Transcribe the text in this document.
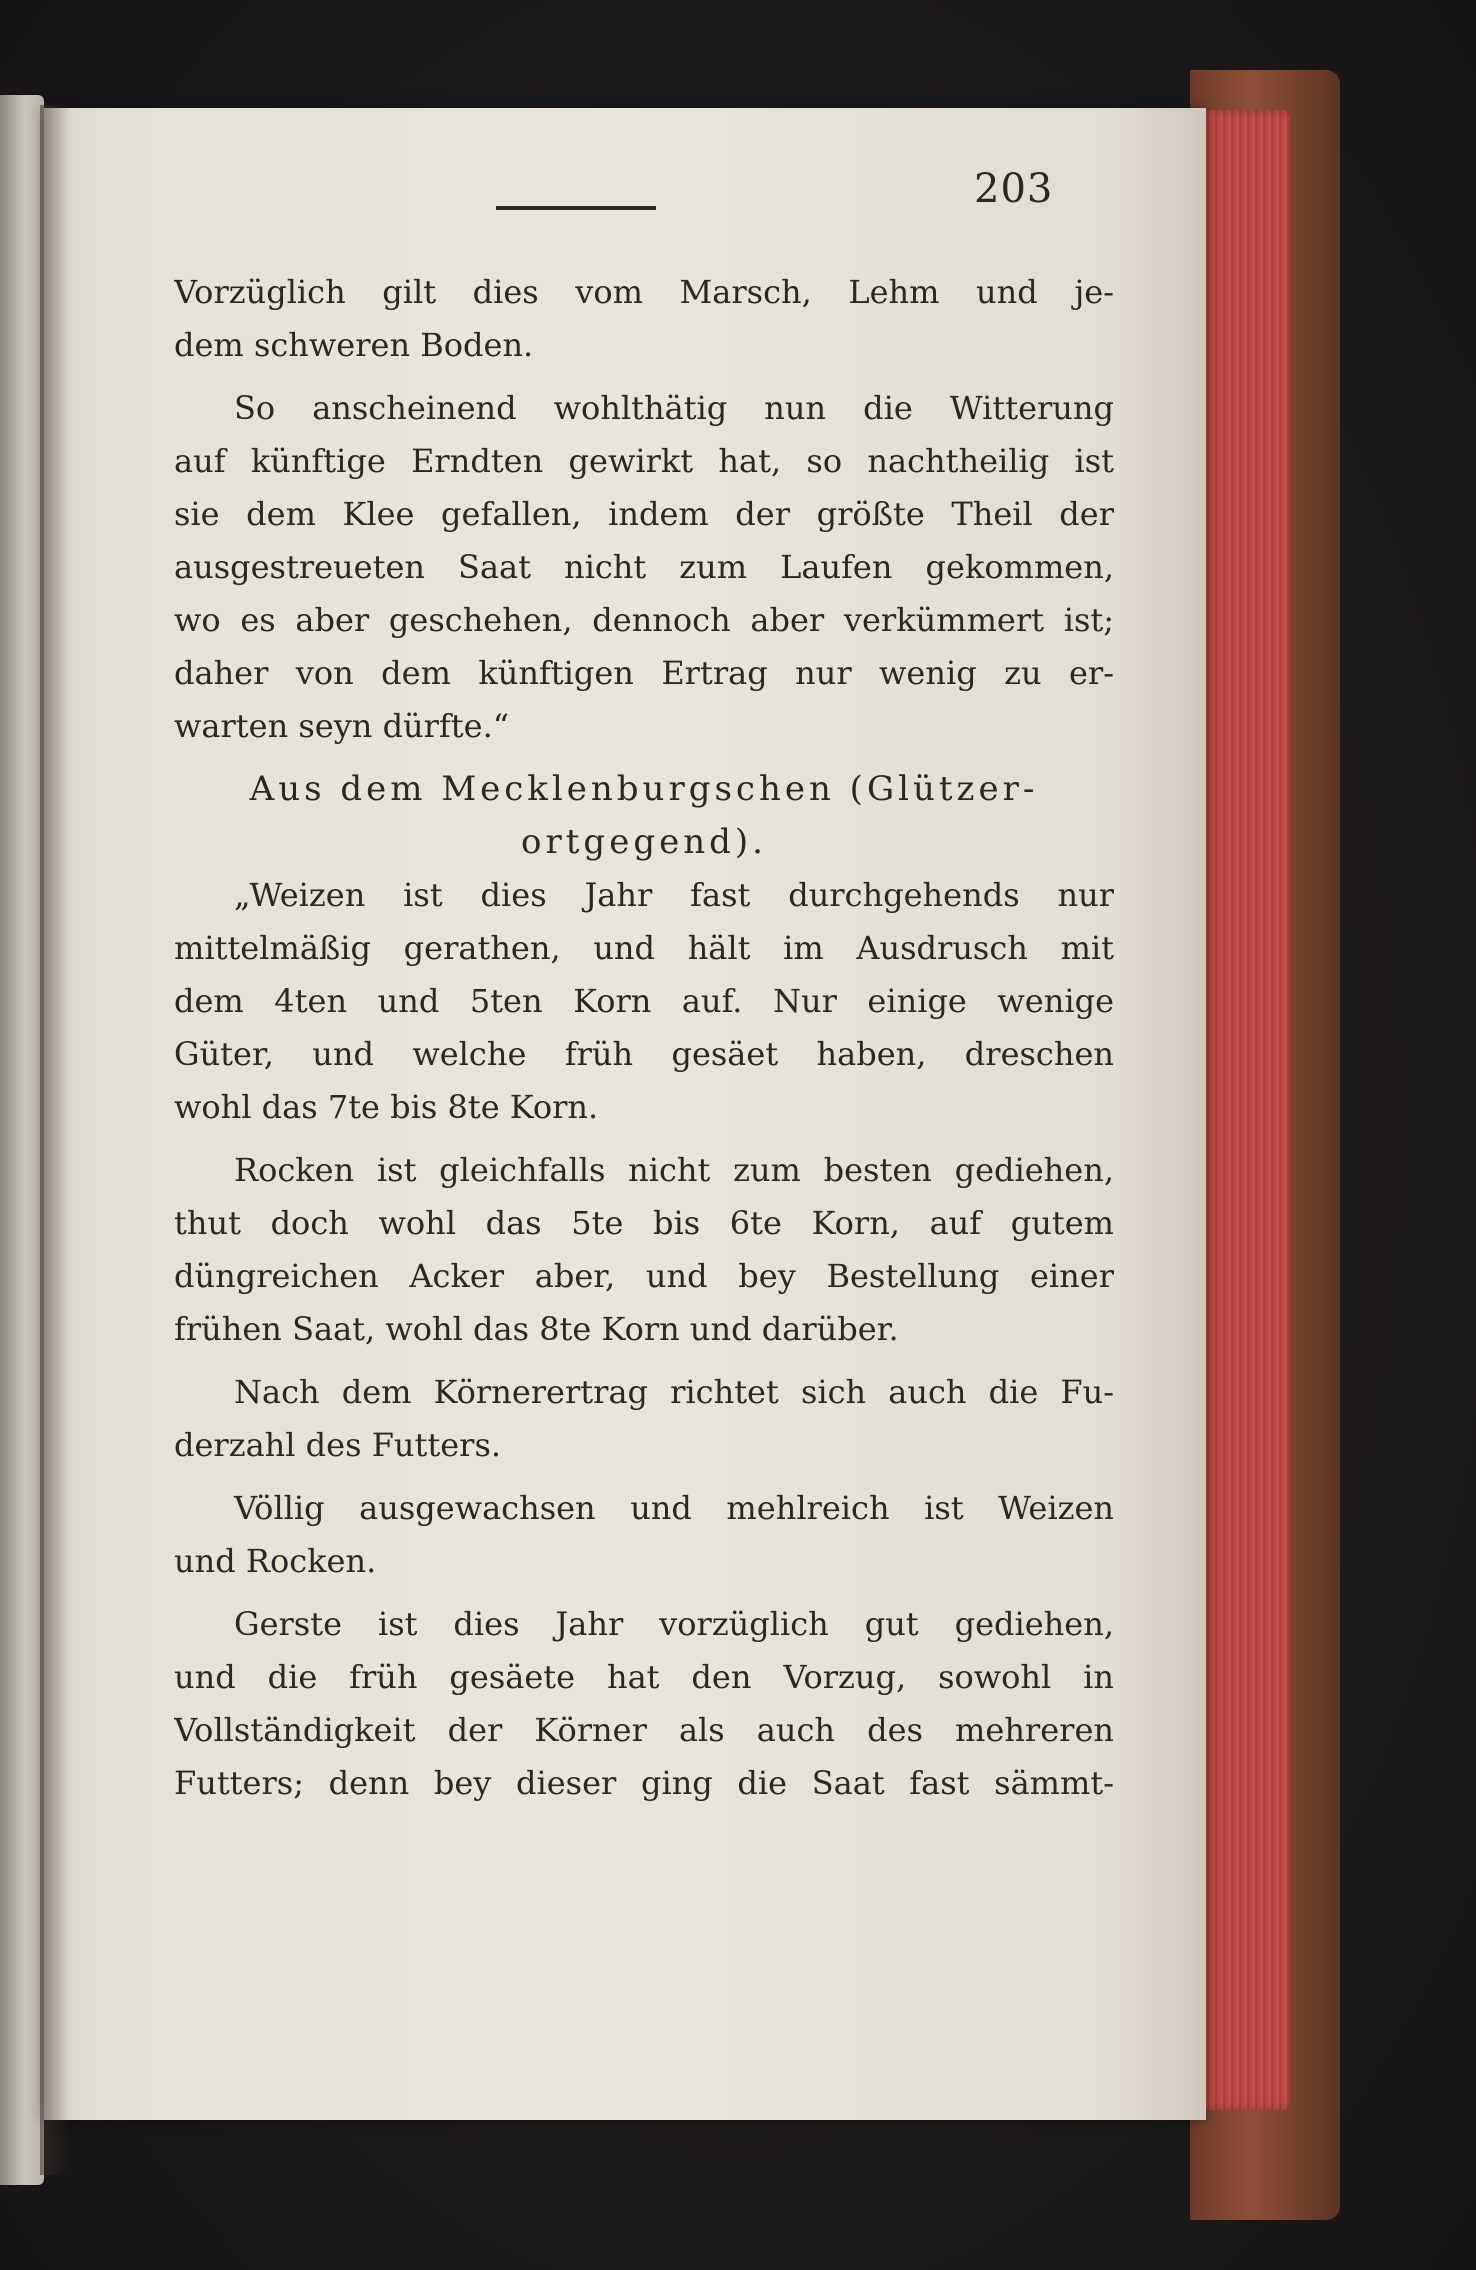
203
Vorzüglich gilt dies vom Marsch, Lehm und je-
dem schweren Boden.
So anscheinend wohlthätig nun die Witterung
auf künftige Erndten gewirkt hat, so nachtheilig ist
sie dem Klee gefallen, indem der größte Theil der
ausgestreueten Saat nicht zum Laufen gekommen,
wo es aber geschehen, dennoch aber verkümmert ist;
daher von dem künftigen Ertrag nur wenig zu er-
warten seyn dürfte.“
Aus dem Mecklenburgschen (Glützer-
ortgegend).
„Weizen ist dies Jahr fast durchgehends nur
mittelmäßig gerathen, und hält im Ausdrusch mit
dem 4ten und 5ten Korn auf. Nur einige wenige
Güter, und welche früh gesäet haben, dreschen
wohl das 7te bis 8te Korn.
Rocken ist gleichfalls nicht zum besten gediehen,
thut doch wohl das 5te bis 6te Korn, auf gutem
düngreichen Acker aber, und bey Bestellung einer
frühen Saat, wohl das 8te Korn und darüber.
Nach dem Körnerertrag richtet sich auch die Fu-
derzahl des Futters.
Völlig ausgewachsen und mehlreich ist Weizen
und Rocken.
Gerste ist dies Jahr vorzüglich gut gediehen,
und die früh gesäete hat den Vorzug, sowohl in
Vollständigkeit der Körner als auch des mehreren
Futters; denn bey dieser ging die Saat fast sämmt-
